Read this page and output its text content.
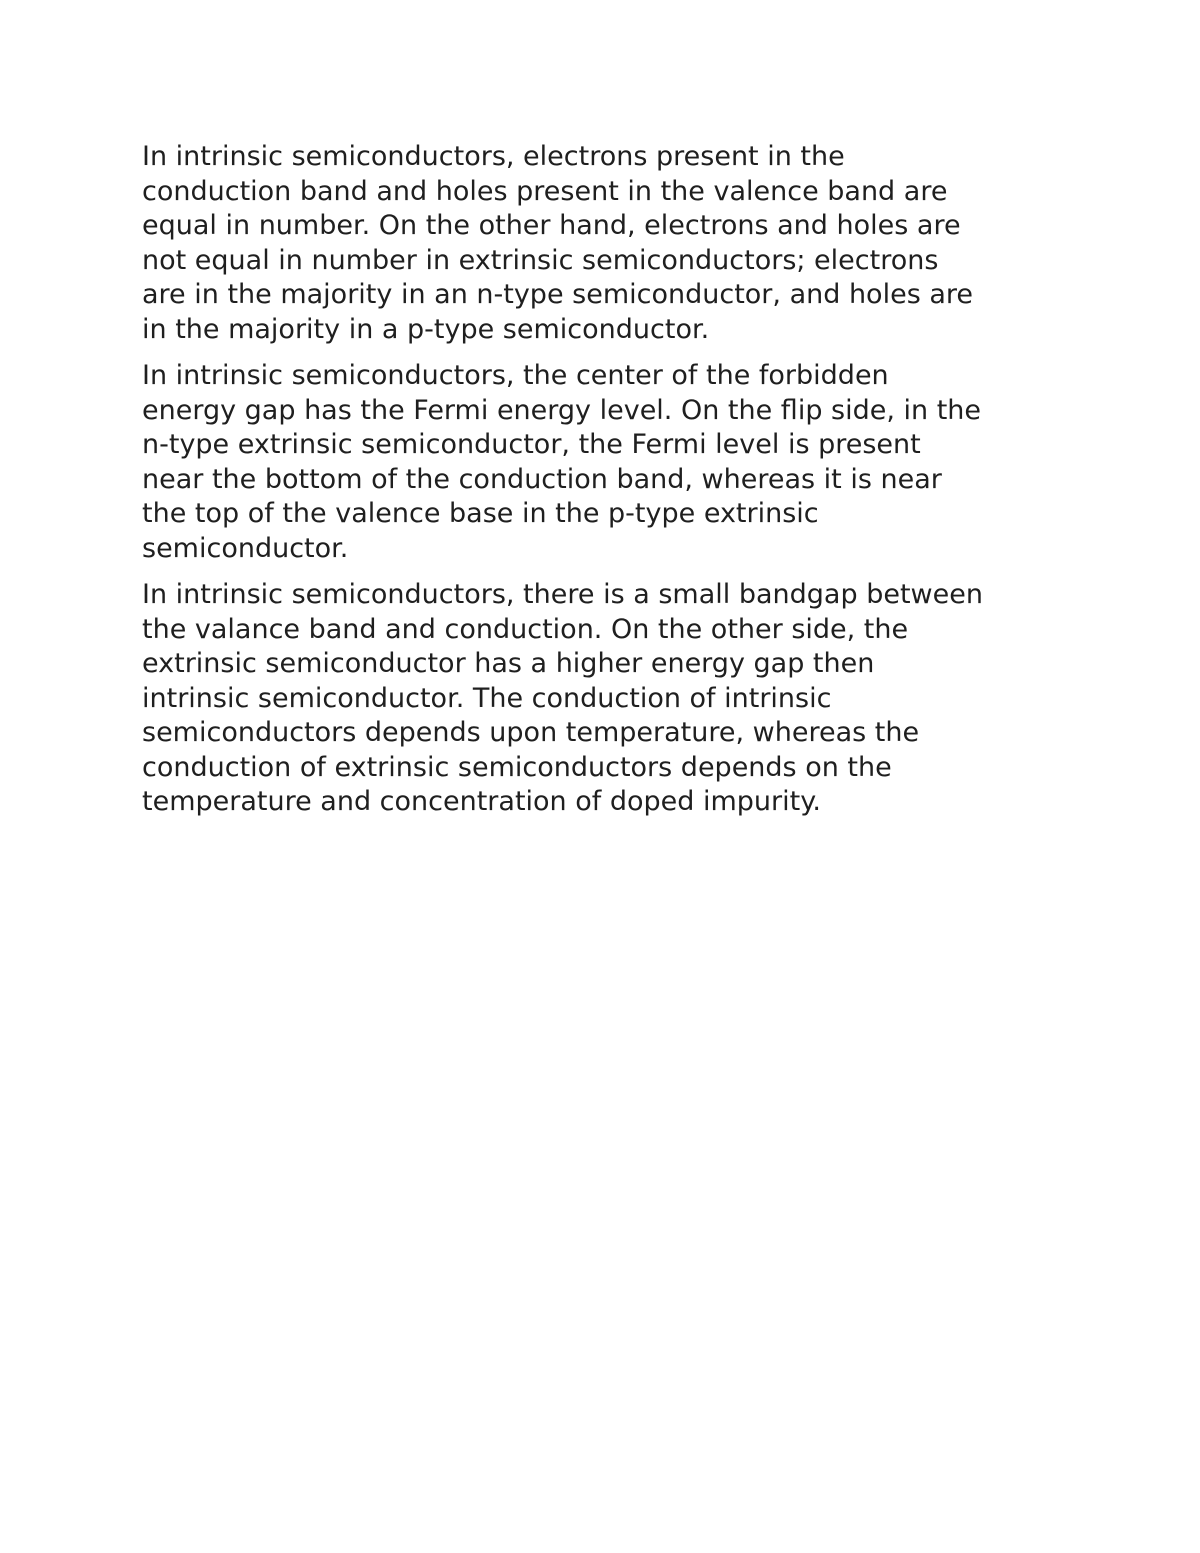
In intrinsic semiconductors, electrons present in the
conduction band and holes present in the valence band are
equal in number. On the other hand, electrons and holes are
not equal in number in extrinsic semiconductors; electrons
are in the majority in an n-type semiconductor, and holes are
in the majority in a p-type semiconductor.

In intrinsic semiconductors, the center of the forbidden
energy gap has the Fermi energy level. On the flip side, in the
n-type extrinsic semiconductor, the Fermi level is present
near the bottom of the conduction band, whereas it is near
the top of the valence base in the p-type extrinsic
semiconductor.

In intrinsic semiconductors, there is a small bandgap between
the valance band and conduction. On the other side, the
extrinsic semiconductor has a higher energy gap then
intrinsic semiconductor. The conduction of intrinsic
semiconductors depends upon temperature, whereas the
conduction of extrinsic semiconductors depends on the
temperature and concentration of doped impurity.
